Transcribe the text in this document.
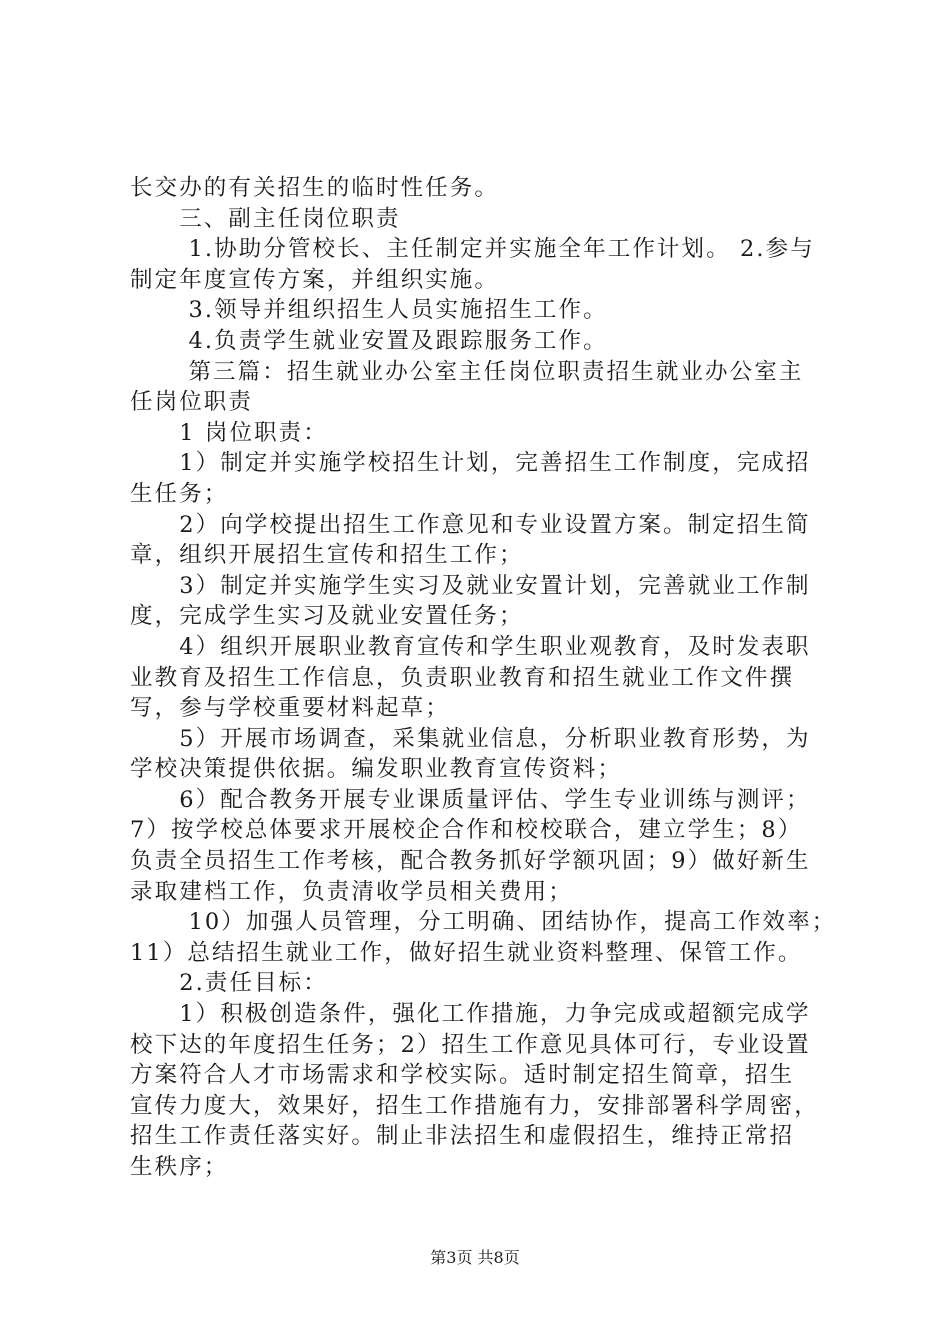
长交办的有关招生的临时性任务。
　　三、副主任岗位职责
　　 1.协助分管校长、主任制定并实施全年工作计划。 2.参与
制定年度宣传方案，并组织实施。
　　 3.领导并组织招生人员实施招生工作。
　　 4.负责学生就业安置及跟踪服务工作。
　　 第三篇：招生就业办公室主任岗位职责招生就业办公室主
任岗位职责
　　1 岗位职责：
　　1）制定并实施学校招生计划，完善招生工作制度，完成招
生任务；
　　2）向学校提出招生工作意见和专业设置方案。制定招生简
章，组织开展招生宣传和招生工作；
　　3）制定并实施学生实习及就业安置计划，完善就业工作制
度，完成学生实习及就业安置任务；
　　4）组织开展职业教育宣传和学生职业观教育，及时发表职
业教育及招生工作信息，负责职业教育和招生就业工作文件撰
写，参与学校重要材料起草；
　　5）开展市场调查，采集就业信息，分析职业教育形势，为
学校决策提供依据。编发职业教育宣传资料；
　　6）配合教务开展专业课质量评估、学生专业训练与测评；
7）按学校总体要求开展校企合作和校校联合，建立学生；8）
负责全员招生工作考核，配合教务抓好学额巩固；9）做好新生
录取建档工作，负责清收学员相关费用；
　　 10）加强人员管理，分工明确、团结协作，提高工作效率；
11）总结招生就业工作，做好招生就业资料整理、保管工作。
　　2.责任目标：
　　1）积极创造条件，强化工作措施，力争完成或超额完成学
校下达的年度招生任务；2）招生工作意见具体可行，专业设置
方案符合人才市场需求和学校实际。适时制定招生简章，招生
宣传力度大，效果好，招生工作措施有力，安排部署科学周密，
招生工作责任落实好。制止非法招生和虚假招生，维持正常招
生秩序；
第3页 共8页
